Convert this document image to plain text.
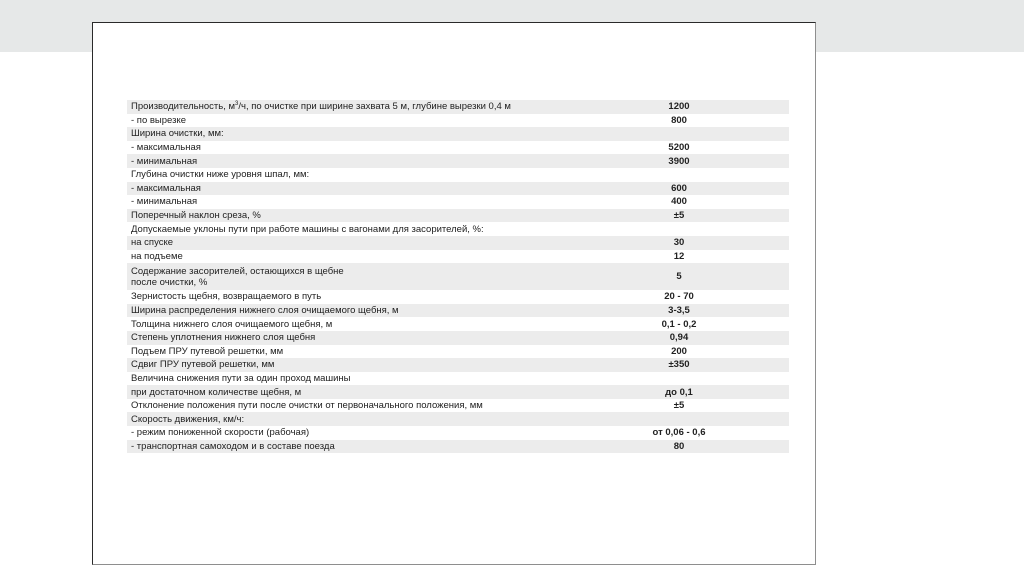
Производительность, $м^3/ч$, по очистке при ширине захвата 5 м, глубине вырезки 0,4 м	1200
- по вырезке	800
Ширина очистки, мм:
- максимальная	5200
- минимальная	3900
Глубина очистки ниже уровня шпал, мм:
- максимальная	600
- минимальная	400
Поперечный наклон среза, %	±5
Допускаемые уклоны пути при работе машины с вагонами для засорителей, %:
на спуске	30
на подъеме	12
Содержание засорителей, остающихся в щебне
после очистки, %	5
Зернистость щебня, возвращаемого в путь	20 - 70
Ширина распределения нижнего слоя очищаемого щебня, м	3-3,5
Толщина нижнего слоя очищаемого щебня, м	0,1 - 0,2
Степень уплотнения нижнего слоя щебня	0,94
Подъем ПРУ путевой решетки, мм	200
Сдвиг ПРУ путевой решетки, мм	±350
Величина снижения пути за один проход машины
при достаточном количестве щебня, м	до 0,1
Отклонение положения пути после очистки от первоначального положения, мм	±5
Скорость движения, км/ч:
- режим пониженной скорости (рабочая)	от 0,06 - 0,6
- транспортная самоходом и в составе поезда	80
